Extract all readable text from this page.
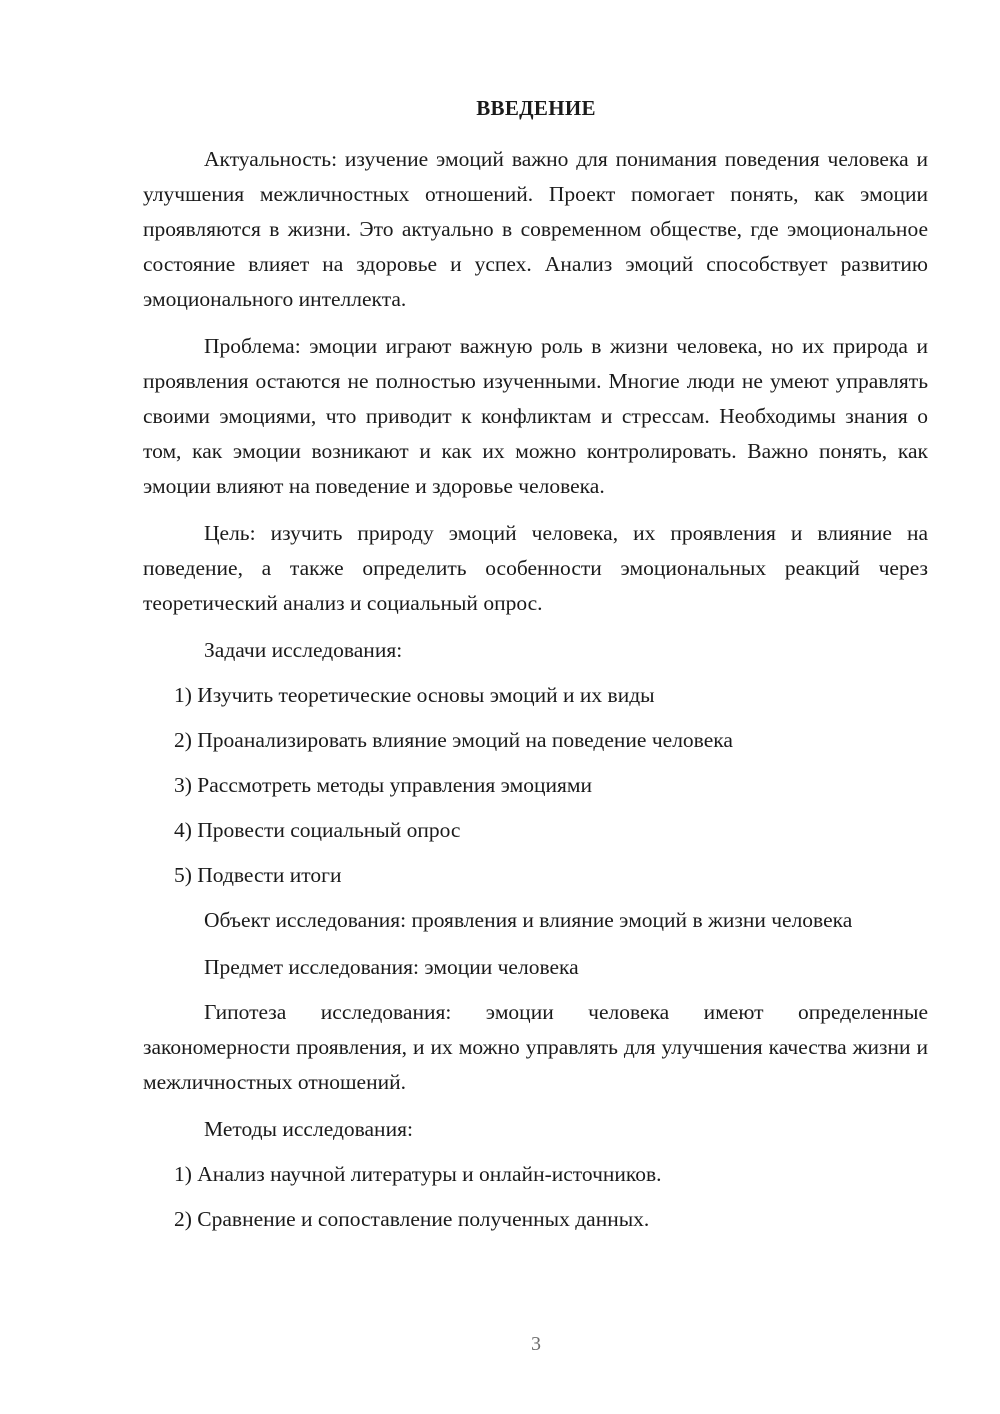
ВВЕДЕНИЕ

Актуальность: изучение эмоций важно для понимания поведения человека и улучшения межличностных отношений. Проект помогает понять, как эмоции проявляются в жизни. Это актуально в современном обществе, где эмоциональное состояние влияет на здоровье и успех. Анализ эмоций способствует развитию эмоционального интеллекта.

Проблема: эмоции играют важную роль в жизни человека, но их природа и проявления остаются не полностью изученными. Многие люди не умеют управлять своими эмоциями, что приводит к конфликтам и стрессам. Необходимы знания о том, как эмоции возникают и как их можно контролировать. Важно понять, как эмоции влияют на поведение и здоровье человека.

Цель: изучить природу эмоций человека, их проявления и влияние на поведение, а также определить особенности эмоциональных реакций через теоретический анализ и социальный опрос.

Задачи исследования:

1) Изучить теоретические основы эмоций и их виды

2) Проанализировать влияние эмоций на поведение человека

3) Рассмотреть методы управления эмоциями

4) Провести социальный опрос

5) Подвести итоги

Объект исследования: проявления и влияние эмоций в жизни человека

Предмет исследования: эмоции человека

Гипотеза исследования: эмоции человека имеют определенные закономерности проявления, и их можно управлять для улучшения качества жизни и межличностных отношений.

Методы исследования:

1) Анализ научной литературы и онлайн-источников.

2) Сравнение и сопоставление полученных данных.

3
